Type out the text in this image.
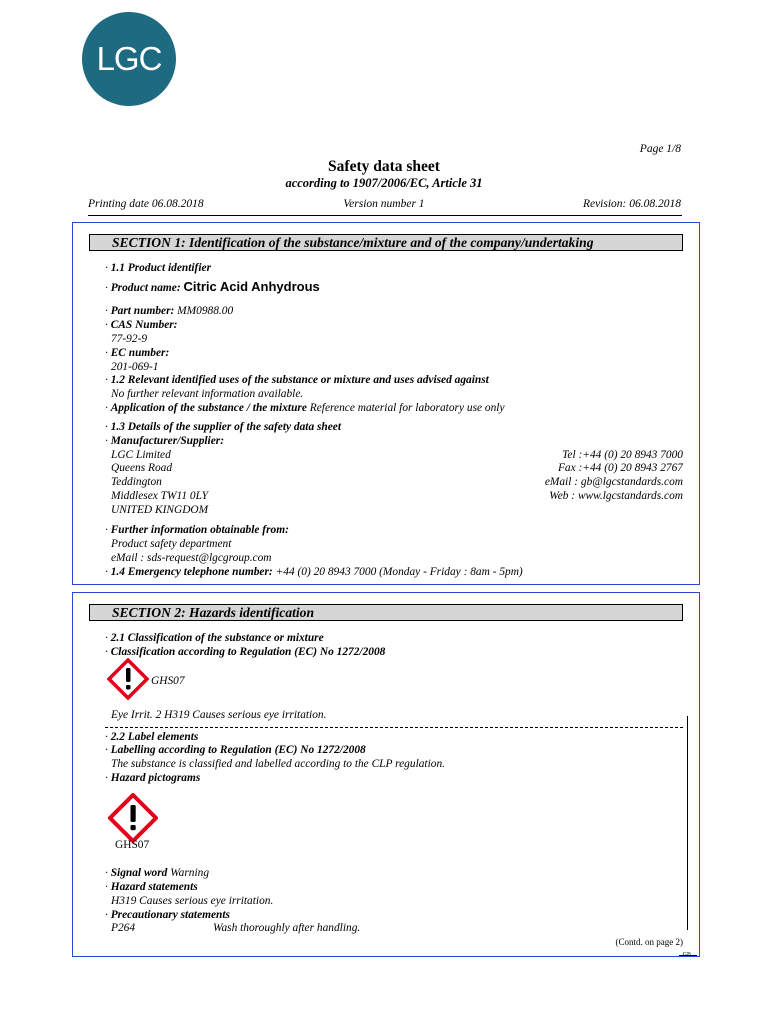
LGC
Page 1/8
Safety data sheet
according to 1907/2006/EC, Article 31
Printing date 06.08.2018	Version number 1	Revision: 06.08.2018
SECTION 1: Identification of the substance/mixture and of the company/undertaking
· 1.1 Product identifier
· Product name: Citric Acid Anhydrous
· Part number: MM0988.00
· CAS Number:
77-92-9
· EC number:
201-069-1
· 1.2 Relevant identified uses of the substance or mixture and uses advised against
No further relevant information available.
· Application of the substance / the mixture Reference material for laboratory use only
· 1.3 Details of the supplier of the safety data sheet
· Manufacturer/Supplier:
LGC Limited
Queens Road
Teddington
Middlesex TW11 0LY
UNITED KINGDOM
Tel :+44 (0) 20 8943 7000
Fax :+44 (0) 20 8943 2767
eMail : gb@lgcstandards.com
Web : www.lgcstandards.com
· Further information obtainable from:
Product safety department
eMail : sds-request@lgcgroup.com
· 1.4 Emergency telephone number: +44 (0) 20 8943 7000 (Monday - Friday : 8am - 5pm)
SECTION 2: Hazards identification
· 2.1 Classification of the substance or mixture
· Classification according to Regulation (EC) No 1272/2008
GHS07
Eye Irrit. 2 H319 Causes serious eye irritation.
· 2.2 Label elements
· Labelling according to Regulation (EC) No 1272/2008
The substance is classified and labelled according to the CLP regulation.
· Hazard pictograms
GHS07
· Signal word Warning
· Hazard statements
H319 Causes serious eye irritation.
· Precautionary statements
P264	Wash thoroughly after handling.
(Contd. on page 2)
GB
